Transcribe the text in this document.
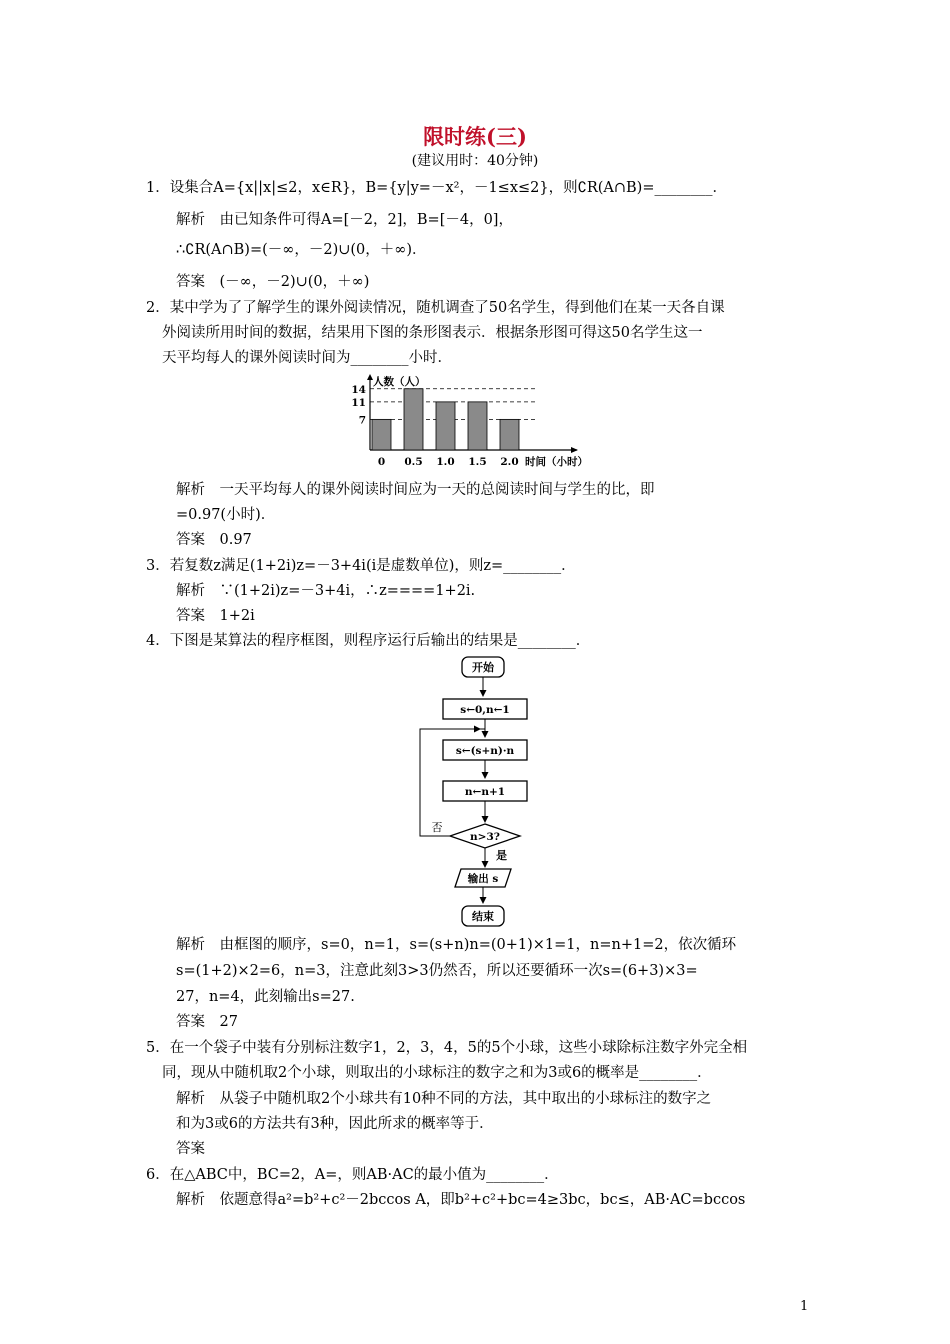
限时练(三)
(建议用时：40分钟)
1．设集合A={x||x|≤2，x∈R}，B={y|y=－x²，－1≤x≤2}，则∁R(A∩B)=________．
解析　由已知条件可得A=[－2，2]，B=[－4，0]，
∴∁R(A∩B)=(－∞，－2)∪(0，＋∞)．
答案　(－∞，－2)∪(0，＋∞)
2．某中学为了了解学生的课外阅读情况，随机调查了50名学生，得到他们在某一天各自课
外阅读所用时间的数据，结果用下图的条形图表示．根据条形图可得这50名学生这一
天平均每人的课外阅读时间为________小时．
人数（人）
7
11
14
0 0.5 1.0 1.5 2.0 时间（小时）
解析　一天平均每人的课外阅读时间应为一天的总阅读时间与学生的比，即
=0.97(小时)．
答案　0.97
3．若复数z满足(1+2i)z=－3+4i(i是虚数单位)，则z=________．
解析　∵(1+2i)z=－3+4i，∴z====1+2i.
答案　1+2i
4．下图是某算法的程序框图，则程序运行后输出的结果是________．
开始
s←0,n←1
s←(s+n)·n
n←n+1
n>3?
否
是
输出 s
结束
解析　由框图的顺序，s=0，n=1，s=(s+n)n=(0+1)×1=1，n=n+1=2，依次循环
s=(1+2)×2=6，n=3，注意此刻3>3仍然否，所以还要循环一次s=(6+3)×3=
27，n=4，此刻输出s=27.
答案　27
5．在一个袋子中装有分别标注数字1，2，3，4，5的5个小球，这些小球除标注数字外完全相
同，现从中随机取2个小球，则取出的小球标注的数字之和为3或6的概率是________．
解析　从袋子中随机取2个小球共有10种不同的方法，其中取出的小球标注的数字之
和为3或6的方法共有3种，因此所求的概率等于．
答案
6．在△ABC中，BC=2，A=，则AB·AC的最小值为________．
解析　依题意得a²=b²+c²－2bccos A，即b²+c²+bc=4≥3bc，bc≤，AB·AC=bccos
1
